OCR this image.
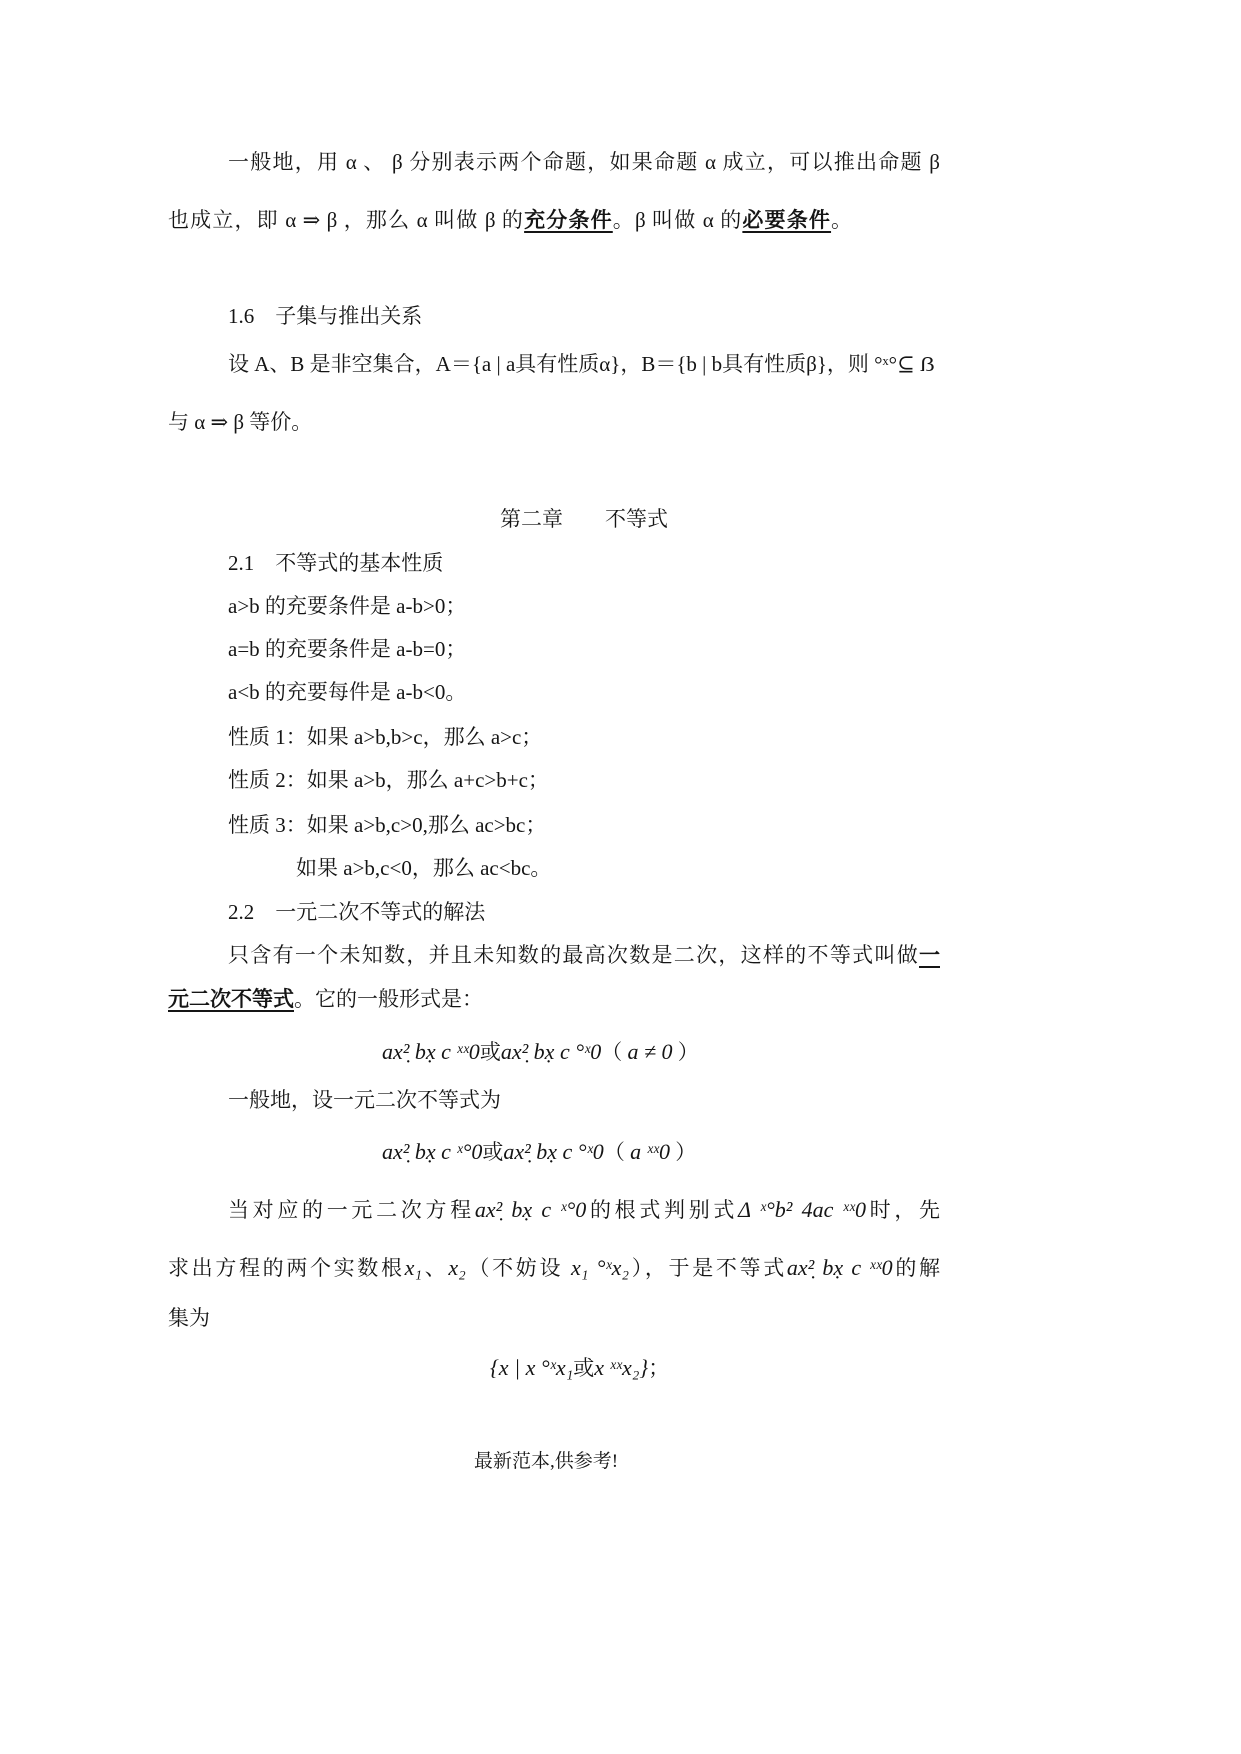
一般地，用 α 、 β 分别表示两个命题，如果命题 α 成立，可以推出命题 β
也成立，即 α ⇒ β ，那么 α 叫做 β 的充分条件。β 叫做 α 的必要条件。
1.6　子集与推出关系
设 A、B 是非空集合，A＝{a | a具有性质α}，B＝{b | b具有性质β}，则 °ˣ°⊆ ẞ
与 α ⇒ β 等价。
第二章　　不等式
2.1　不等式的基本性质
a>b 的充要条件是 a-b>0；
a=b 的充要条件是 a-b=0；
a<b 的充要每件是 a-b<0。
性质 1：如果 a>b,b>c，那么 a>c；
性质 2：如果 a>b，那么 a+c>b+c；
性质 3：如果 a>b,c>0,那么 ac>bc；
如果 a>b,c<0，那么 ac<bc。
2.2　一元二次不等式的解法
只含有一个未知数，并且未知数的最高次数是二次，这样的不等式叫做一
元二次不等式。它的一般形式是：
ax²̣ bx̣ c ˣˣ0或ax²̣ bx̣ c °ˣ0（ a ≠ 0 ）
一般地，设一元二次不等式为
ax²̣ bx̣ c ˣ°0或ax²̣ bx̣ c °ˣ0（ a ˣˣ0 ）
当对应的一元二次方程ax²̣ bx̣ c ˣ°0的根式判别式Δ ˣ°b² 4ac ˣˣ0时，先
求出方程的两个实数根x₁、x₂（不妨设 x₁ °ˣx₂），于是不等式ax²̣ bx̣ c ˣˣ0的解
集为
{x | x °ˣx₁或x ˣˣx₂}；
最新范本,供参考!
